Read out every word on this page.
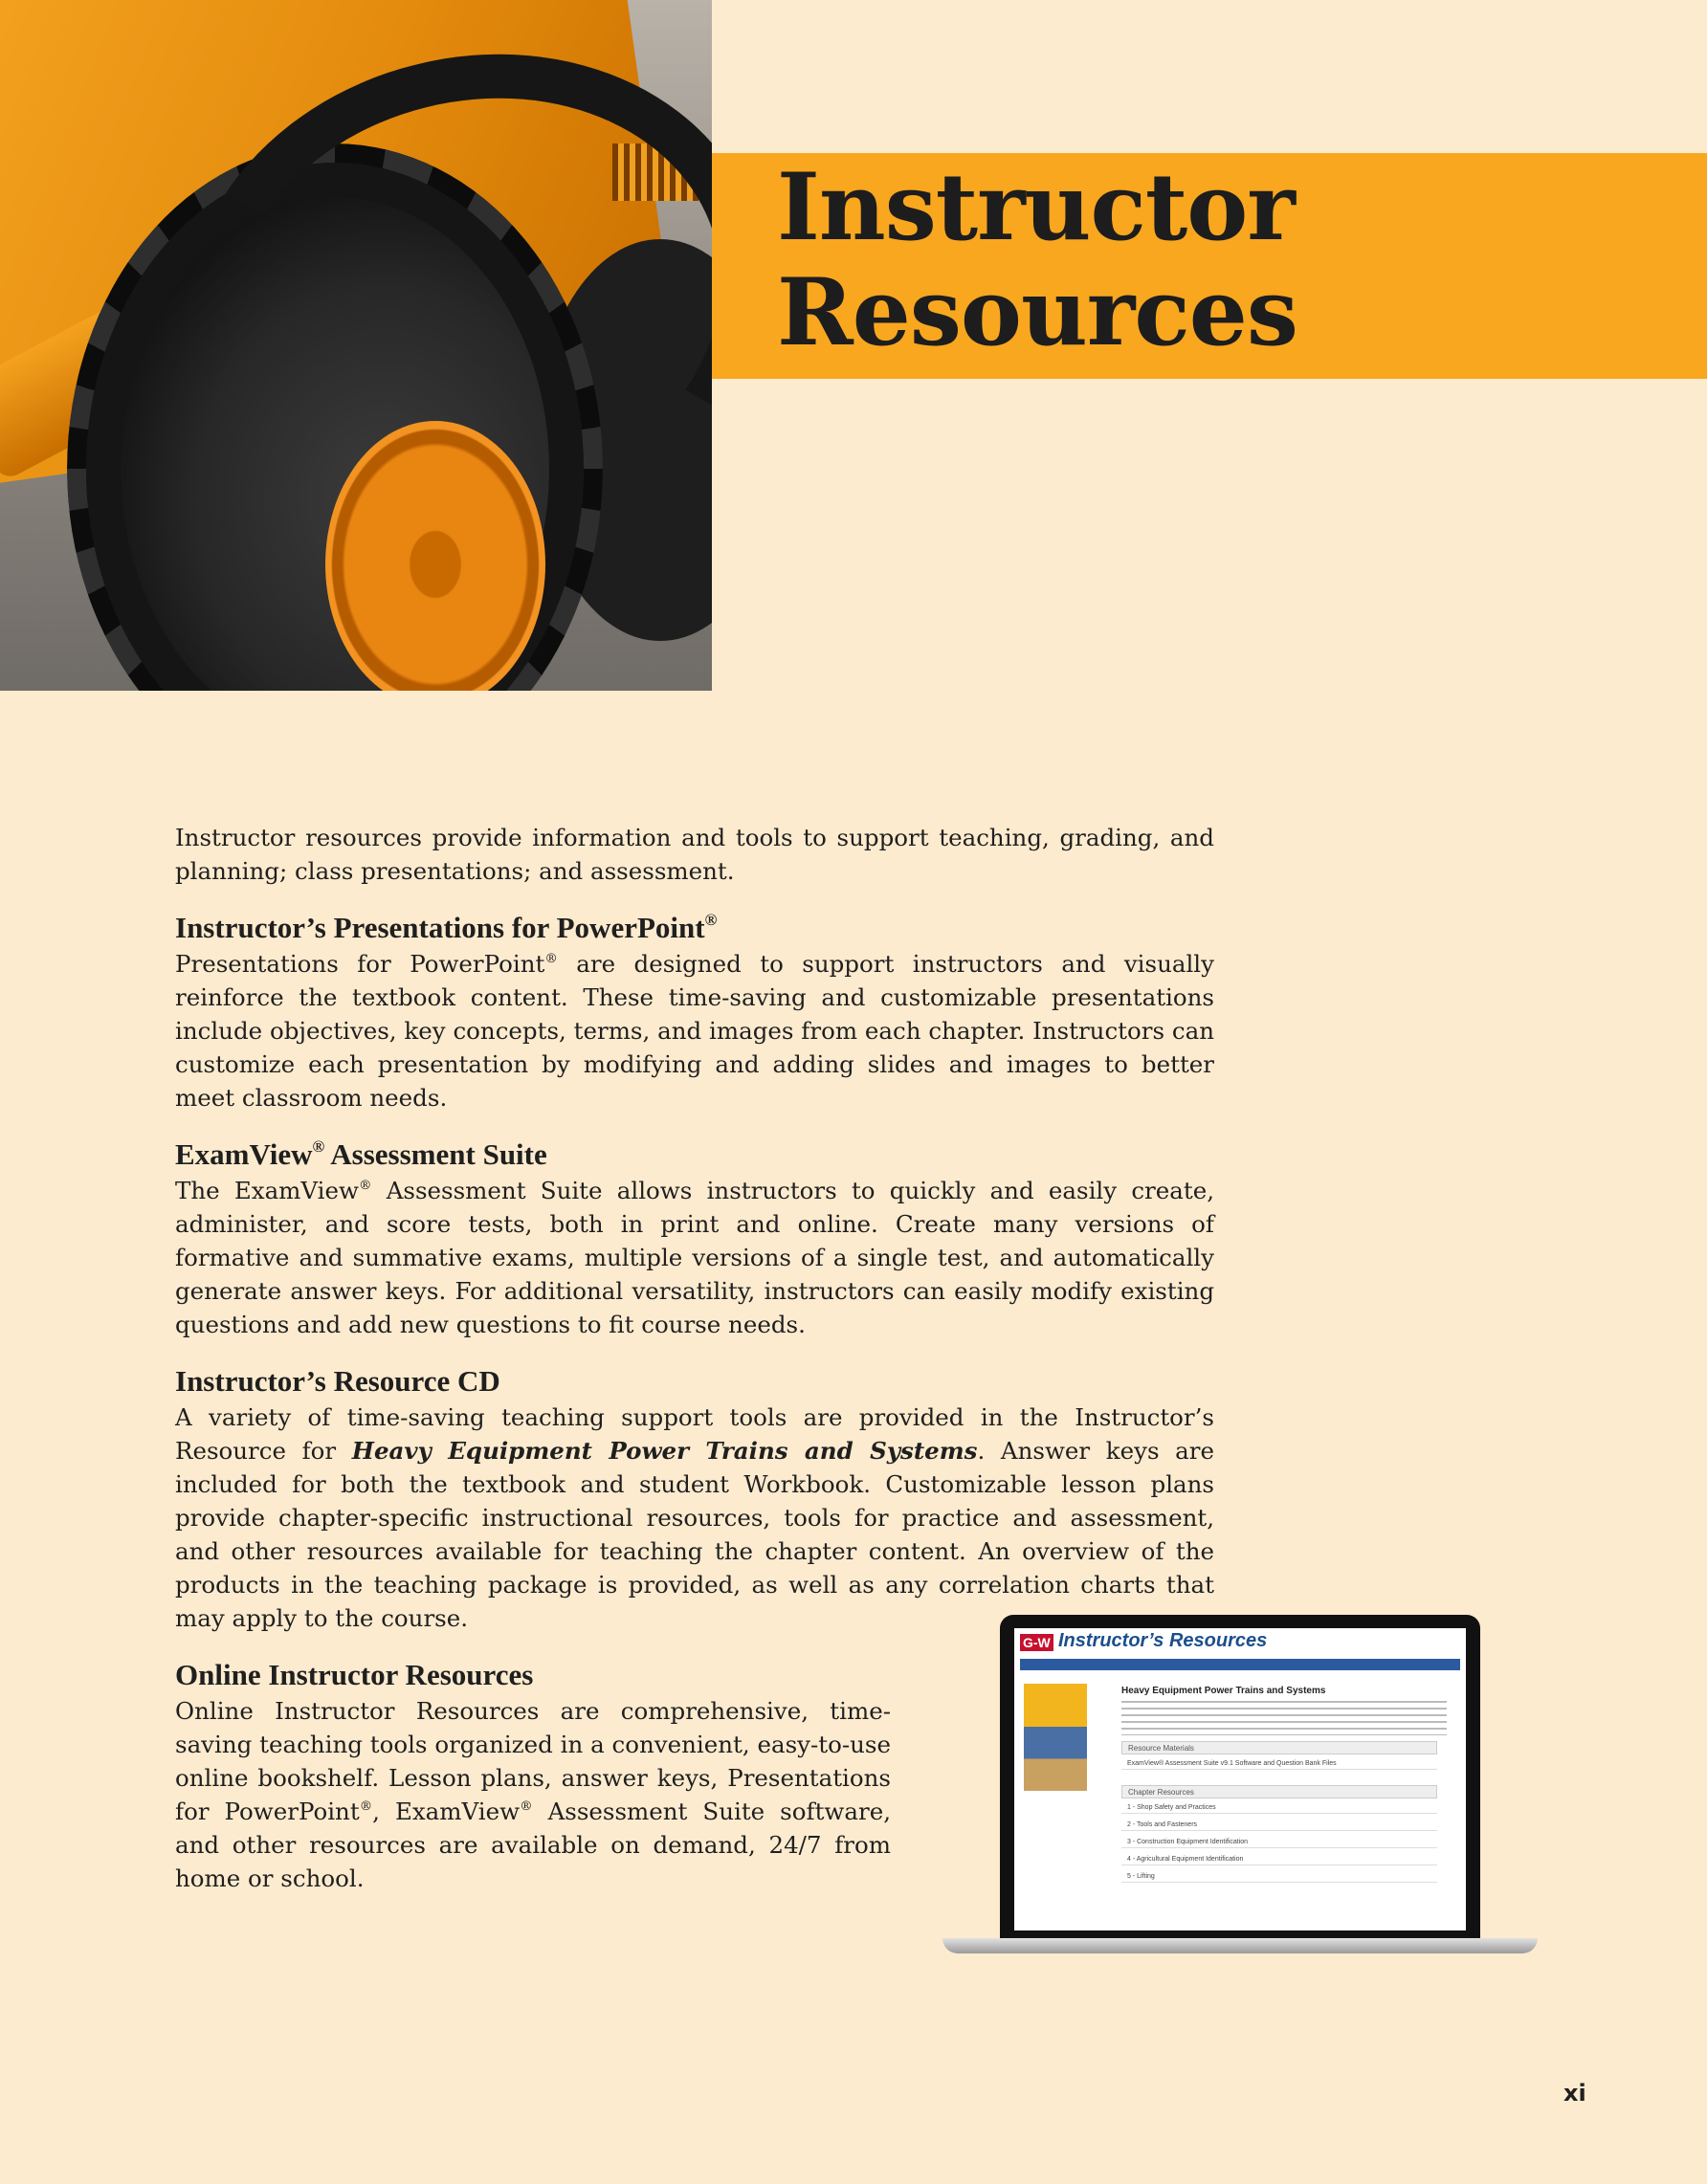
Instructor
Resources

Instructor resources provide information and tools to support teaching, grading, and planning; class presentations; and assessment.

Instructor’s Presentations for PowerPoint®

Presentations for PowerPoint® are designed to support instructors and visually reinforce the textbook content. These time-saving and customizable presentations include objectives, key concepts, terms, and images from each chapter. Instructors can customize each presentation by modifying and adding slides and images to better meet classroom needs.

ExamView® Assessment Suite

The ExamView® Assessment Suite allows instructors to quickly and easily create, administer, and score tests, both in print and online. Create many versions of formative and summative exams, multiple versions of a single test, and automatically generate answer keys. For additional versatility, instructors can easily modify existing questions and add new questions to fit course needs.

Instructor’s Resource CD

A variety of time-saving teaching support tools are provided in the Instructor’s Resource for Heavy Equipment Power Trains and Systems. Answer keys are included for both the textbook and student Workbook. Customizable lesson plans provide chapter-specific instructional resources, tools for practice and assessment, and other resources available for teaching the chapter content. An overview of the products in the teaching package is provided, as well as any correlation charts that may apply to the course.

Online Instructor Resources

Online Instructor Resources are comprehensive, time-saving teaching tools organized in a convenient, easy-to-use online bookshelf. Lesson plans, answer keys, Presentations for PowerPoint®, ExamView® Assessment Suite software, and other resources are available on demand, 24/7 from home or school.

G-W Instructor’s Resources
Heavy Equipment Power Trains and Systems
Resource Materials
ExamView® Assessment Suite v9.1 Software and Question Bank Files
Chapter Resources
1 - Shop Safety and Practices
2 - Tools and Fasteners
3 - Construction Equipment Identification
4 - Agricultural Equipment Identification
5 - Lifting
xi
